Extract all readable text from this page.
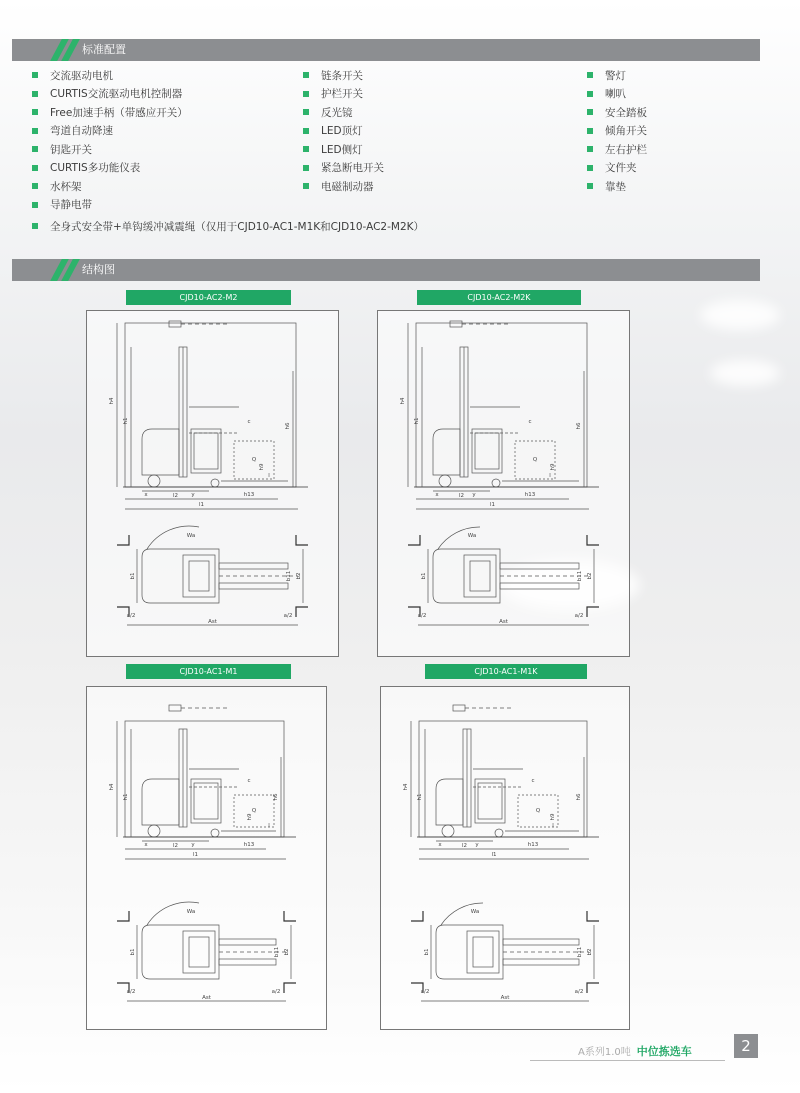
标准配置
交流驱动电机
CURTIS交流驱动电机控制器
Free加速手柄（带感应开关）
弯道自动降速
钥匙开关
CURTIS多功能仪表
水杯架
导静电带
链条开关
护栏开关
反光镜
LED顶灯
LED侧灯
紧急断电开关
电磁制动器
警灯
喇叭
安全踏板
倾角开关
左右护栏
文件夹
靠垫
全身式安全带+单钩缓冲减震绳（仅用于CJD10-AC1-M1K和CJD10-AC2-M2K）
结构图
CJD10-AC2-M2	CJD10-AC2-M2K
CJD10-AC1-M1	CJD10-AC1-M1K
h4
h1
h6
c
Q
l
l1
l2 y
x	h13
h9
Ast
b1	b2
b11
a/2	a/2
Wa
h4
h1
h6
c
Q
l
l1
l2 y
x	h13
h9
Ast
b1	b2
b11
a/2	a/2
Wa
h4
h1	h6
c
Q
l
l1
l2 y
x	h13
h9
Ast
b1	b2
b11
a/2	a/2
Wa
h4
h1	h6
c
Q
l
l1
l2 y
x	h13
h9
Ast
b1	b2
b11
a/2	a/2
Wa
A系列1.0吨 中位拣选车	2
